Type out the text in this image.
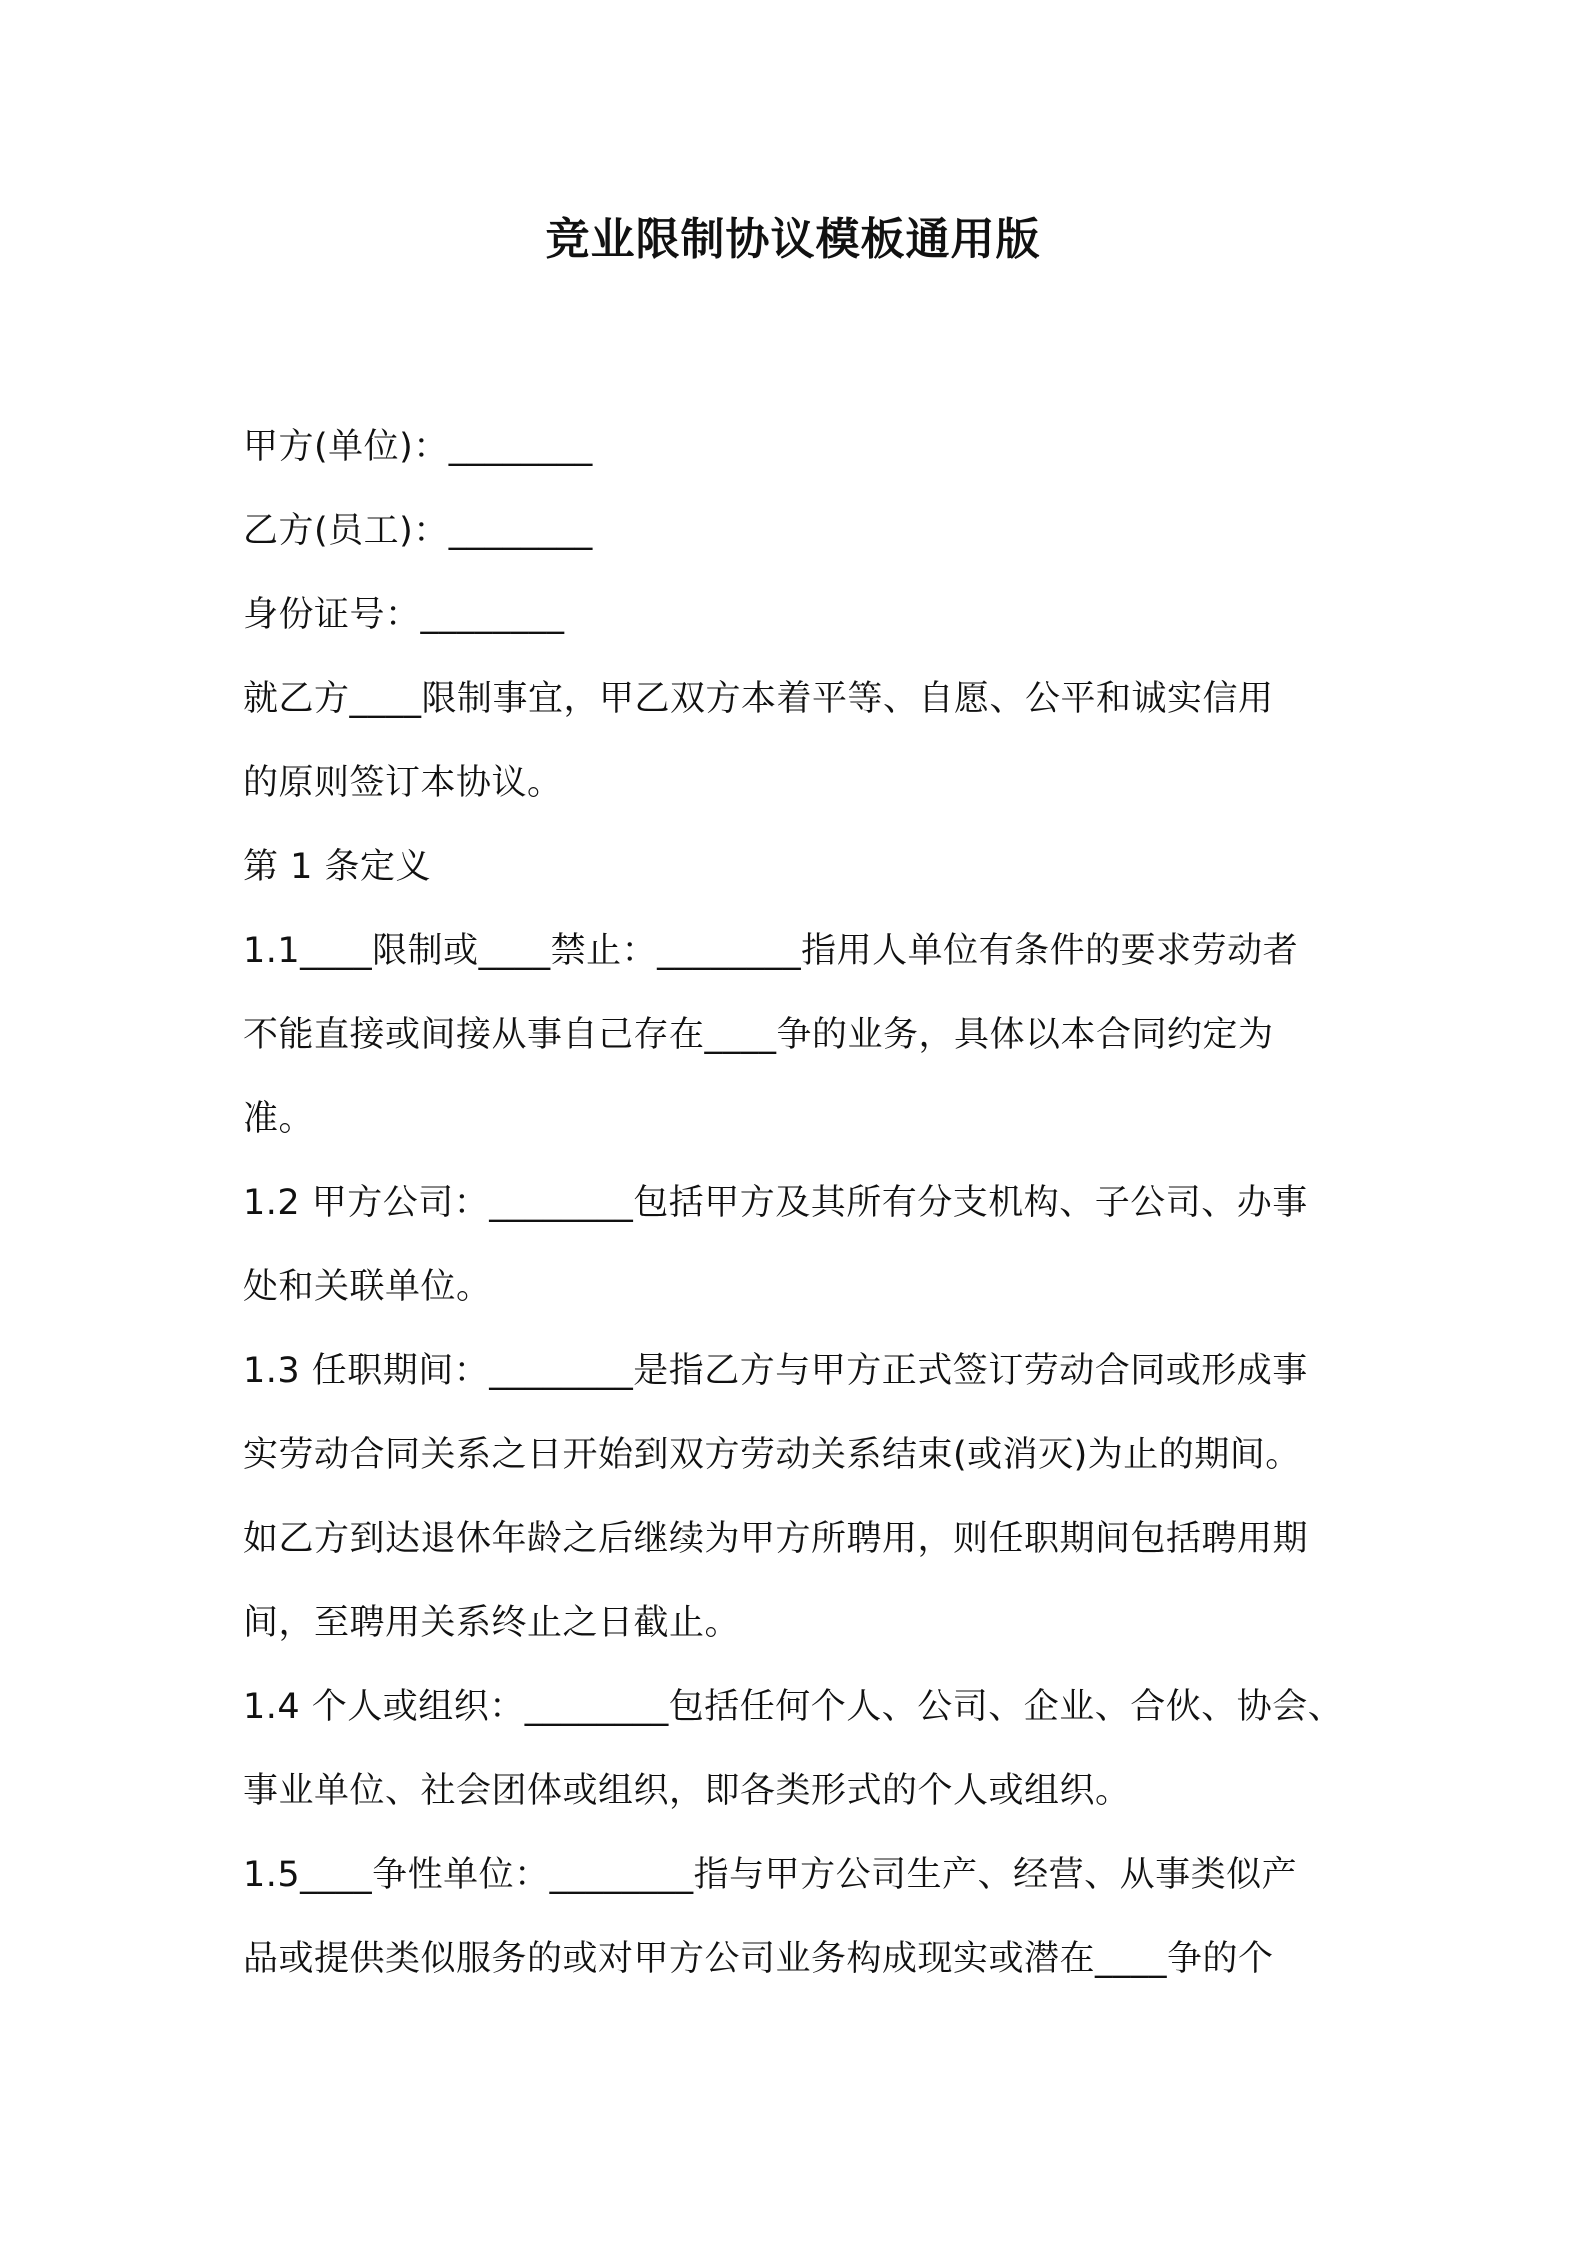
竞业限制协议模板通用版
甲方(单位)：________
乙方(员工)：________
身份证号：________
就乙方____限制事宜，甲乙双方本着平等、自愿、公平和诚实信用
的原则签订本协议。
第 1 条定义
1.1____限制或____禁止：________指用人单位有条件的要求劳动者
不能直接或间接从事自己存在____争的业务，具体以本合同约定为
准。
1.2 甲方公司：________包括甲方及其所有分支机构、子公司、办事
处和关联单位。
1.3 任职期间：________是指乙方与甲方正式签订劳动合同或形成事
实劳动合同关系之日开始到双方劳动关系结束(或消灭)为止的期间。
如乙方到达退休年龄之后继续为甲方所聘用，则任职期间包括聘用期
间，至聘用关系终止之日截止。
1.4 个人或组织：________包括任何个人、公司、企业、合伙、协会、
事业单位、社会团体或组织，即各类形式的个人或组织。
1.5____争性单位：________指与甲方公司生产、经营、从事类似产
品或提供类似服务的或对甲方公司业务构成现实或潜在____争的个
